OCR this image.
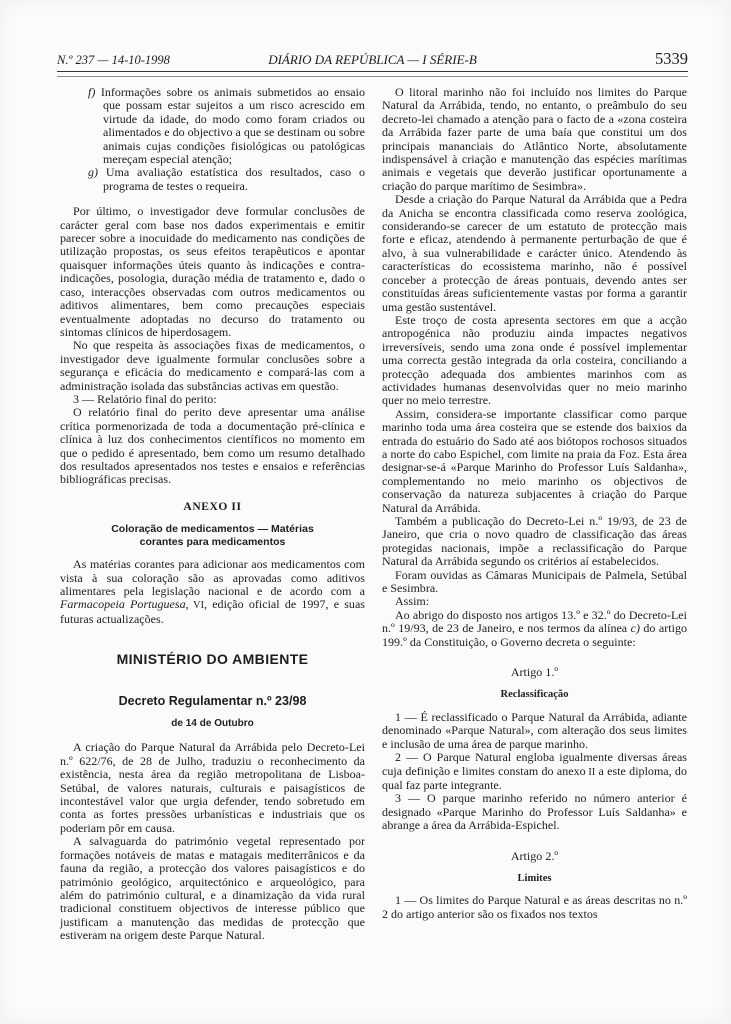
N.º 237 — 14-10-1998	DIÁRIO DA REPÚBLICA — I SÉRIE-B	5339

f) Informações sobre os animais submetidos ao ensaio que possam estar sujeitos a um risco acrescido em virtude da idade, do modo como foram criados ou alimentados e do objectivo a que se destinam ou sobre animais cujas condições fisiológicas ou patológicas mereçam especial atenção;

g) Uma avaliação estatística dos resultados, caso o programa de testes o requeira.

Por último, o investigador deve formular conclusões de carácter geral com base nos dados experimentais e emitir parecer sobre a inocuidade do medicamento nas condições de utilização propostas, os seus efeitos terapêuticos e apontar quaisquer informações úteis quanto às indicações e contra-indicações, posologia, duração média de tratamento e, dado o caso, interacções observadas com outros medicamentos ou aditivos alimentares, bem como precauções especiais eventualmente adoptadas no decurso do tratamento ou sintomas clínicos de hiperdosagem.

No que respeita às associações fixas de medicamentos, o investigador deve igualmente formular conclusões sobre a segurança e eficácia do medicamento e compará-las com a administração isolada das substâncias activas em questão.

3 — Relatório final do perito:

O relatório final do perito deve apresentar uma análise crítica pormenorizada de toda a documentação pré-clínica e clínica à luz dos conhecimentos científicos no momento em que o pedido é apresentado, bem como um resumo detalhado dos resultados apresentados nos testes e ensaios e referências bibliográficas precisas.

ANEXO II

Coloração de medicamentos — Matérias corantes para medicamentos

As matérias corantes para adicionar aos medicamentos com vista à sua coloração são as aprovadas como aditivos alimentares pela legislação nacional e de acordo com a Farmacopeia Portuguesa, VI, edição oficial de 1997, e suas futuras actualizações.

MINISTÉRIO DO AMBIENTE

Decreto Regulamentar n.º 23/98

de 14 de Outubro

A criação do Parque Natural da Arrábida pelo Decreto-Lei n.º 622/76, de 28 de Julho, traduziu o reconhecimento da existência, nesta área da região metropolitana de Lisboa-Setúbal, de valores naturais, culturais e paisagísticos de incontestável valor que urgia defender, tendo sobretudo em conta as fortes pressões urbanísticas e industriais que os poderiam pôr em causa.

A salvaguarda do património vegetal representado por formações notáveis de matas e matagais mediterrânicos e da fauna da região, a protecção dos valores paisagísticos e do património geológico, arquitectónico e arqueológico, para além do património cultural, e a dinamização da vida rural tradicional constituem objectivos de interesse público que justificam a manutenção das medidas de protecção que estiveram na origem deste Parque Natural.

O litoral marinho não foi incluído nos limites do Parque Natural da Arrábida, tendo, no entanto, o preâmbulo do seu decreto-lei chamado a atenção para o facto de a «zona costeira da Arrábida fazer parte de uma baía que constitui um dos principais mananciais do Atlântico Norte, absolutamente indispensável à criação e manutenção das espécies marítimas animais e vegetais que deverão justificar oportunamente a criação do parque marítimo de Sesimbra».

Desde a criação do Parque Natural da Arrábida que a Pedra da Anicha se encontra classificada como reserva zoológica, considerando-se carecer de um estatuto de protecção mais forte e eficaz, atendendo à permanente perturbação de que é alvo, à sua vulnerabilidade e carácter único. Atendendo às características do ecossistema marinho, não é possível conceber a protecção de áreas pontuais, devendo antes ser constituídas áreas suficientemente vastas por forma a garantir uma gestão sustentável.

Este troço de costa apresenta sectores em que a acção antropogénica não produziu ainda impactes negativos irreversíveis, sendo uma zona onde é possível implementar uma correcta gestão integrada da orla costeira, conciliando a protecção adequada dos ambientes marinhos com as actividades humanas desenvolvidas quer no meio marinho quer no meio terrestre.

Assim, considera-se importante classificar como parque marinho toda uma área costeira que se estende dos baixios da entrada do estuário do Sado até aos biótopos rochosos situados a norte do cabo Espichel, com limite na praia da Foz. Esta área designar-se-á «Parque Marinho do Professor Luís Saldanha», complementando no meio marinho os objectivos de conservação da natureza subjacentes à criação do Parque Natural da Arrábida.

Também a publicação do Decreto-Lei n.º 19/93, de 23 de Janeiro, que cria o novo quadro de classificação das áreas protegidas nacionais, impõe a reclassificação do Parque Natural da Arrábida segundo os critérios aí estabelecidos.

Foram ouvidas as Câmaras Municipais de Palmela, Setúbal e Sesimbra.

Assim:

Ao abrigo do disposto nos artigos 13.º e 32.º do Decreto-Lei n.º 19/93, de 23 de Janeiro, e nos termos da alínea c) do artigo 199.º da Constituição, o Governo decreta o seguinte:

Artigo 1.º

Reclassificação

1 — É reclassificado o Parque Natural da Arrábida, adiante denominado «Parque Natural», com alteração dos seus limites e inclusão de uma área de parque marinho.

2 — O Parque Natural engloba igualmente diversas áreas cuja definição e limites constam do anexo II a este diploma, do qual faz parte integrante.

3 — O parque marinho referido no número anterior é designado «Parque Marinho do Professor Luís Saldanha» e abrange a área da Arrábida-Espichel.

Artigo 2.º

Limites

1 — Os limites do Parque Natural e as áreas descritas no n.º 2 do artigo anterior são os fixados nos textos
